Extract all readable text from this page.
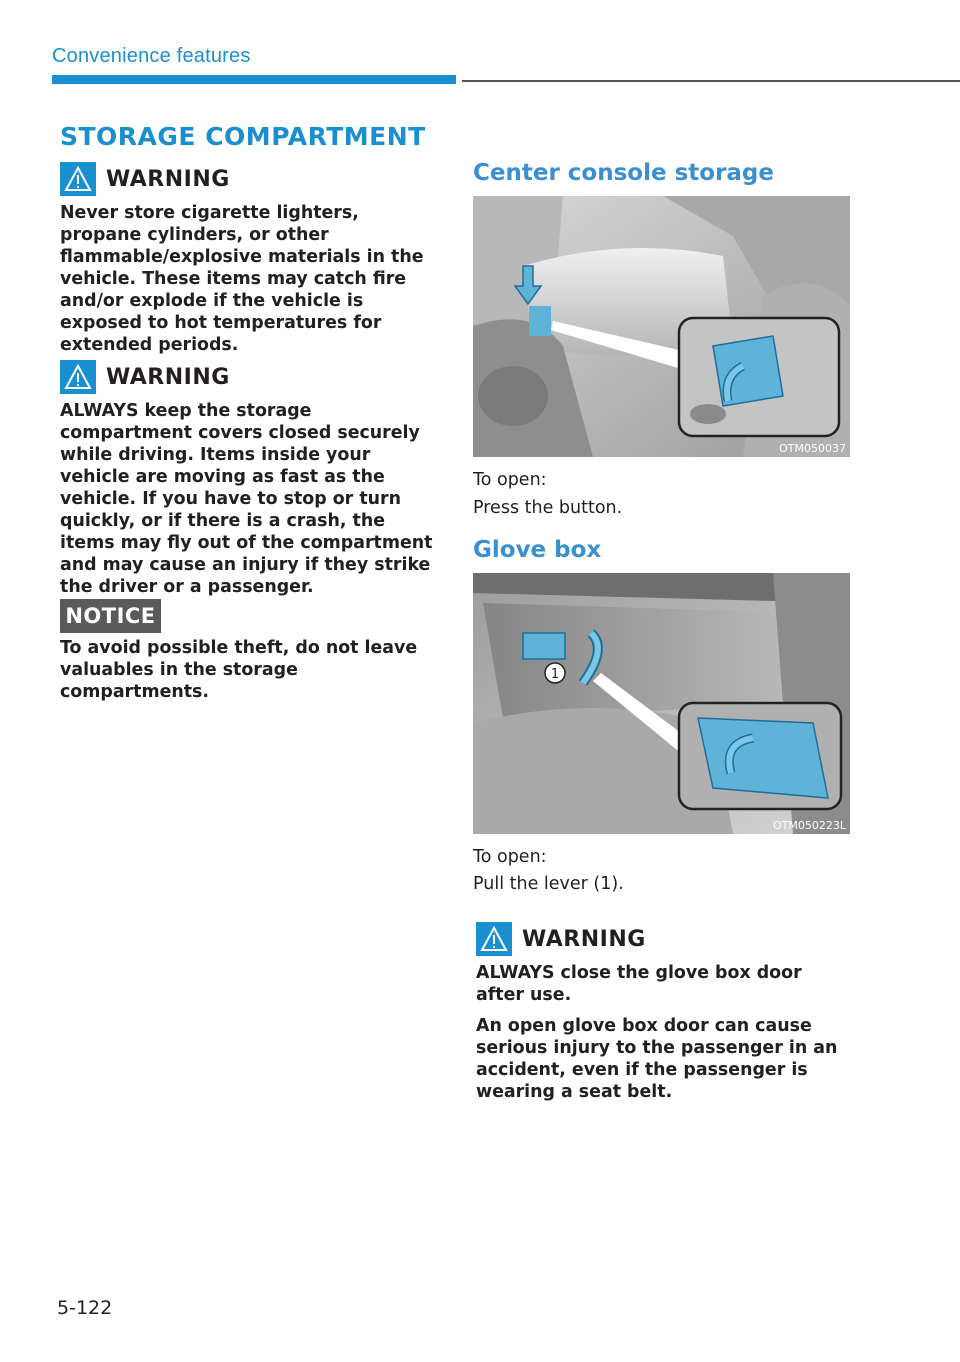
Convenience features
STORAGE COMPARTMENT
WARNING

Never store cigarette lighters, propane cylinders, or other flammable/explosive materials in the vehicle. These items may catch fire and/or explode if the vehicle is exposed to hot temperatures for extended periods.

WARNING

ALWAYS keep the storage compartment covers closed securely while driving. Items inside your vehicle are moving as fast as the vehicle. If you have to stop or turn quickly, or if there is a crash, the items may fly out of the compartment and may cause an injury if they strike the driver or a passenger.

NOTICE

To avoid possible theft, do not leave valuables in the storage compartments.

Center console storage
OTM050037
To open:
Press the button.
Glove box
1
OTM050223L
To open:
Pull the lever (1).
WARNING

ALWAYS close the glove box door after use.

An open glove box door can cause serious injury to the passenger in an accident, even if the passenger is wearing a seat belt.

5-122
